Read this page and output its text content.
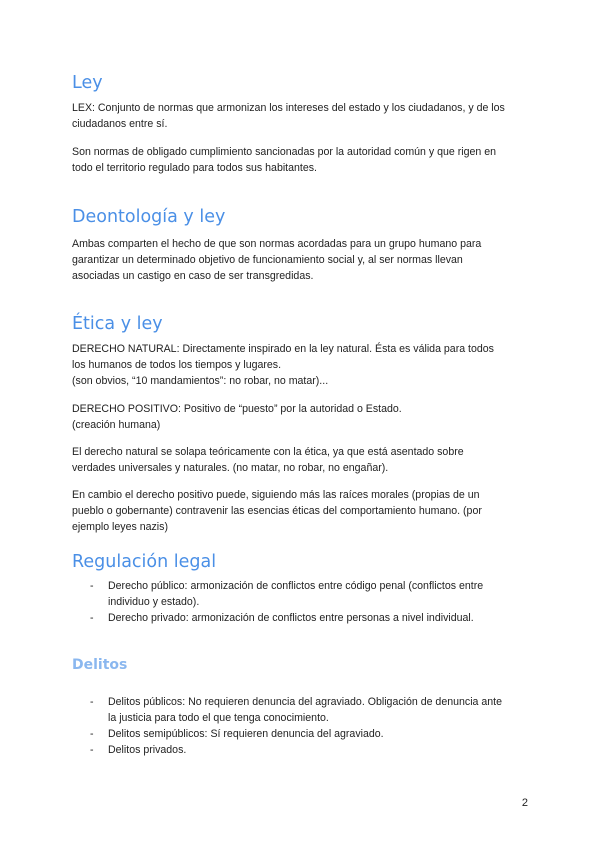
Ley

LEX: Conjunto de normas que armonizan los intereses del estado y los ciudadanos, y de los
ciudadanos entre sí.

Son normas de obligado cumplimiento sancionadas por la autoridad común y que rigen en
todo el territorio regulado para todos sus habitantes.

Deontología y ley

Ambas comparten el hecho de que son normas acordadas para un grupo humano para
garantizar un determinado objetivo de funcionamiento social y, al ser normas llevan
asociadas un castigo en caso de ser transgredidas.

Ética y ley

DERECHO NATURAL: Directamente inspirado en la ley natural. Ésta es válida para todos
los humanos de todos los tiempos y lugares.
(son obvios, “10 mandamientos”: no robar, no matar)...

DERECHO POSITIVO: Positivo de “puesto” por la autoridad o Estado.
(creación humana)

El derecho natural se solapa teóricamente con la ética, ya que está asentado sobre
verdades universales y naturales. (no matar, no robar, no engañar).

En cambio el derecho positivo puede, siguiendo más las raíces morales (propias de un
pueblo o gobernante) contravenir las esencias éticas del comportamiento humano. (por
ejemplo leyes nazis)

Regulación legal
- Derecho público: armonización de conflictos entre código penal (conflictos entre
individuo y estado).
- Derecho privado: armonización de conflictos entre personas a nivel individual.
Delitos
- Delitos públicos: No requieren denuncia del agraviado. Obligación de denuncia ante
la justicia para todo el que tenga conocimiento.
- Delitos semipúblicos: Sí requieren denuncia del agraviado.
- Delitos privados.
2
